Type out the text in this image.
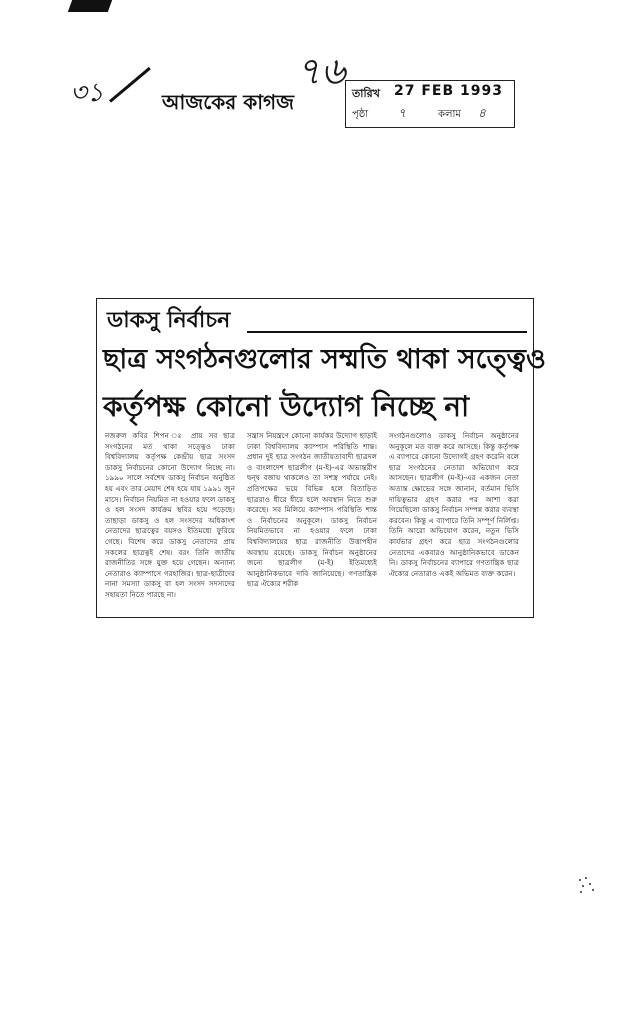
৩১	আজকের কাগজ
৭৬
তারিখ 27 FEB 1993
পৃষ্ঠা ৭	কলাম ৪
ডাকসু নির্বাচন
ছাত্র সংগঠনগুলোর সম্মতি থাকা সত্ত্বেও
কর্তৃপক্ষ কোনো উদ্যোগ নিচ্ছে না
নজরুল কবির শিপন ঃ প্রায় সব ছাত্র সংগঠনের মত থাকা সত্ত্বেও ঢাকা বিশ্ববিদ্যালয় কর্তৃপক্ষ কেন্দ্রীয় ছাত্র সংসদ ডাকসু নির্বাচনের কোনো উদ্যোগ নিচ্ছে না। ১৯৯০ সালে সর্বশেষ ডাকসু নির্বাচন অনুষ্ঠিত হয় এবং তার মেয়াদ শেষ হয়ে যায় ১৯৯১ জুন মাসে। নির্বাচন নিয়মিত না হওয়ার ফলে ডাকসু ও হল সংসদ কার্যক্রম স্থবির হয়ে পড়েছে। তাছাড়া ডাকসু ও হল সংসদের অধিকাংশ নেতাদের ছাত্রত্বের বয়সও ইতিমধ্যে ফুরিয়ে গেছে। বিশেষ করে ডাকসু নেতাদের প্রায় সকলের ছাত্রত্বই শেষ। বরং তিনি জাতীয় রাজনীতির সঙ্গে যুক্ত হয়ে গেছেন। অন্যান্য নেতারাও ক্যাম্পাসে গরহাজির। ছাত্র-ছাত্রীদের নানা সমস্যা ডাকসু বা হল সংসদ সদস্যদের সহায়তা নিতে পারছে না।
সন্ত্রাস নিয়ন্ত্রণে কোনো কার্যকর উদ্যোগ ছাড়াই ঢাকা বিশ্ববিদ্যালয় ক্যাম্পাস পরিস্থিতি শান্ত। প্রধান দুই ছাত্র সংগঠন জাতীয়তাবাদী ছাত্রদল ও বাংলাদেশ ছাত্রলীগ (ম-ই)-এর অভ্যন্তরীণ দ্বন্দ্ব বজায় থাকলেও তা সশস্ত্র পর্যায়ে নেই। প্রতিপক্ষের ভয়ে বিভিন্ন হলে বিতাড়িত ছাত্ররাও ধীরে ধীরে হলে অবস্থান নিতে শুরু করেছে। সব মিলিয়ে ক্যাম্পাস পরিস্থিতি শান্ত ও নির্বাচনের অনুকূলে। ডাকসু নির্বাচন নিয়মিতভাবে না হওয়ার ফলে ঢাকা বিশ্ববিদ্যালয়ের ছাত্র রাজনীতি উত্তাপহীন অবস্থায় রয়েছে। ডাকসু নির্বাচন অনুষ্ঠানের জন্যে ছাত্রলীগ (ম-ই) ইতিমধ্যেই আনুষ্ঠানিকভাবে দাবি জানিয়েছে। গণতান্ত্রিক ছাত্র ঐক্যের শরীক
সংগঠনগুলোও ডাকসু নির্বাচন অনুষ্ঠানের অনুকূলে মত ব্যক্ত করে আসছে। কিন্তু কর্তৃপক্ষ এ ব্যাপারে কোনো উদ্যোগই গ্রহণ করেনি বলে ছাত্র সংগঠনের নেতারা অভিযোগ করে আসছেন। ছাত্রলীগ (ম-ই)-এর একজন নেতা অত্যন্ত ক্ষোভের সঙ্গে জানান, বর্তমান ভিসি দায়িত্বভার গ্রহণ করার পর আশা করা গিয়েছিলো ডাকসু নির্বাচন সম্পন্ন করার ব্যবস্থা করবেন। কিন্তু এ ব্যাপারে তিনি সম্পূর্ণ নির্লিপ্ত। তিনি আরো অভিযোগ করেন, নতুন ভিসি কার্যভার গ্রহণ করে ছাত্র সংগঠনগুলোর নেতাদের একবারও আনুষ্ঠানিকভাবে ডাকেন নি। ডাকসু নির্বাচনের ব্যাপারে গণতান্ত্রিক ছাত্র ঐক্যের নেতারাও একই অভিমত ব্যক্ত করেন।
